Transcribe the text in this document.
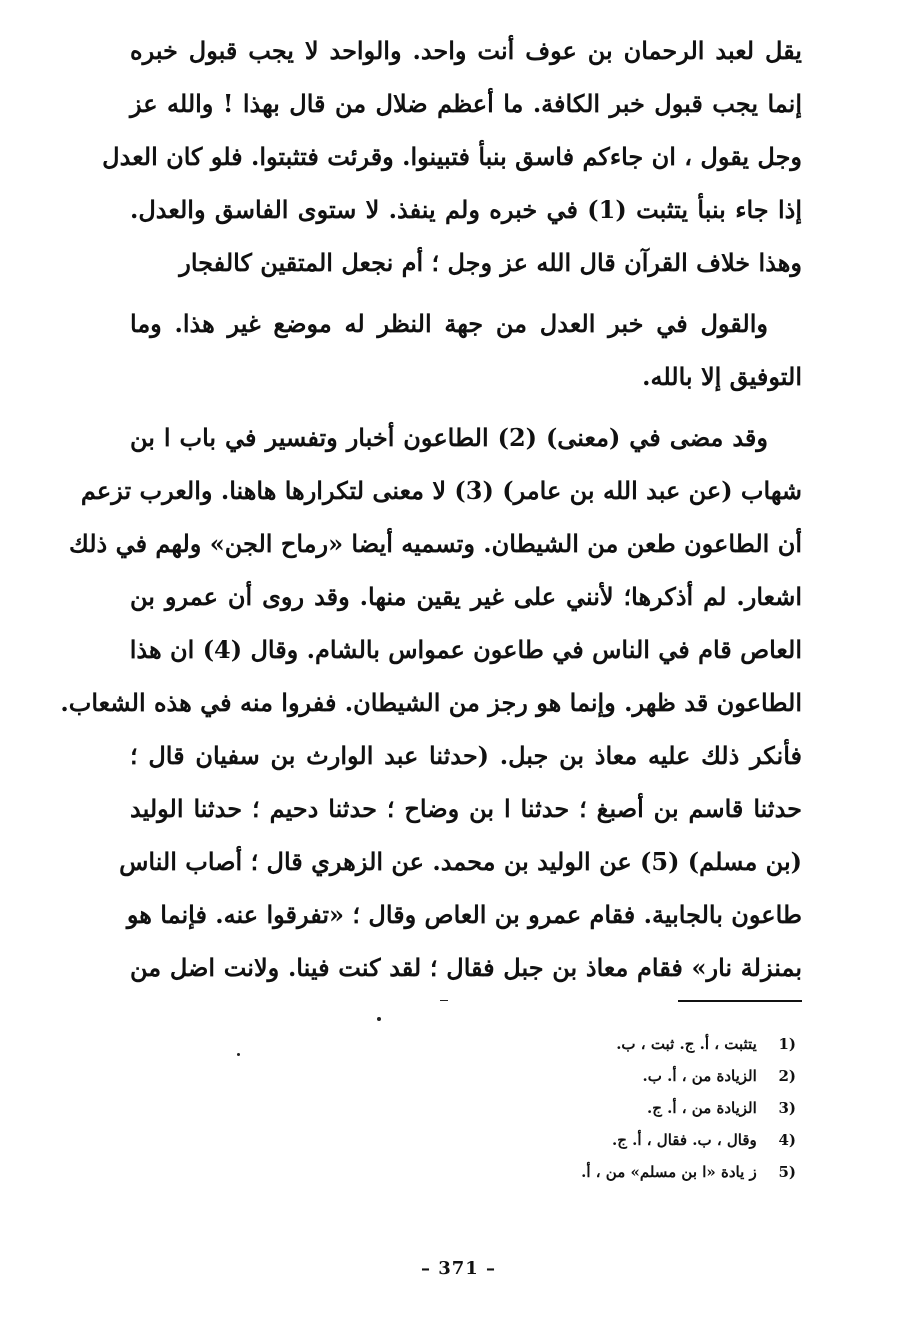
يقل لعبد الرحمان بن عوف أنت واحد. والواحد لا يجب قبول خبره
إنما يجب قبول خبر الكافة. ما أعظم ضلال من قال بهذا ! والله عز
وجل يقول ، ان جاءكم فاسق بنبأ فتبينوا. وقرئت فتثبتوا. فلو كان العدل
إذا جاء بنبأ يتثبت (1) في خبره ولم ينفذ. لا ستوى الفاسق والعدل.
وهذا خلاف القرآن قال الله عز وجل ؛ أم نجعل المتقين كالفجار
والقول في خبر العدل من جهة النظر له موضع غير هذا. وما
التوفيق إلا بالله.
وقد مضى في (معنى) (2) الطاعون أخبار وتفسير في باب ا بن
شهاب (عن عبد الله بن عامر) (3) لا معنى لتكرارها هاهنا. والعرب تزعم
أن الطاعون طعن من الشيطان. وتسميه أيضا «رماح الجن» ولهم في ذلك
اشعار. لم أذكرها؛ لأنني على غير يقين منها. وقد روى أن عمرو بن
العاص قام في الناس في طاعون عمواس بالشام. وقال (4) ان هذا
الطاعون قد ظهر. وإنما هو رجز من الشيطان. ففروا منه في هذه الشعاب.
فأنكر ذلك عليه معاذ بن جبل. (حدثنا عبد الوارث بن سفيان قال ؛
حدثنا قاسم بن أصبغ ؛ حدثنا ا بن وضاح ؛ حدثنا دحيم ؛ حدثنا الوليد
(بن مسلم) (5) عن الوليد بن محمد. عن الزهري قال ؛ أصاب الناس
طاعون بالجابية. فقام عمرو بن العاص وقال ؛ «تفرقوا عنه. فإنما هو
بمنزلة نار» فقام معاذ بن جبل فقال ؛ لقد كنت فينا. ولانت اضل من
1) يتثبت ، أ. ج. ثبت ، ب.
2) الزيادة من ، أ. ب.
3) الزيادة من ، أ. ج.
4) وقال ، ب. فقال ، أ. ج.
5) ز يادة «ا بن مسلم» من ، أ.
– 371 –
